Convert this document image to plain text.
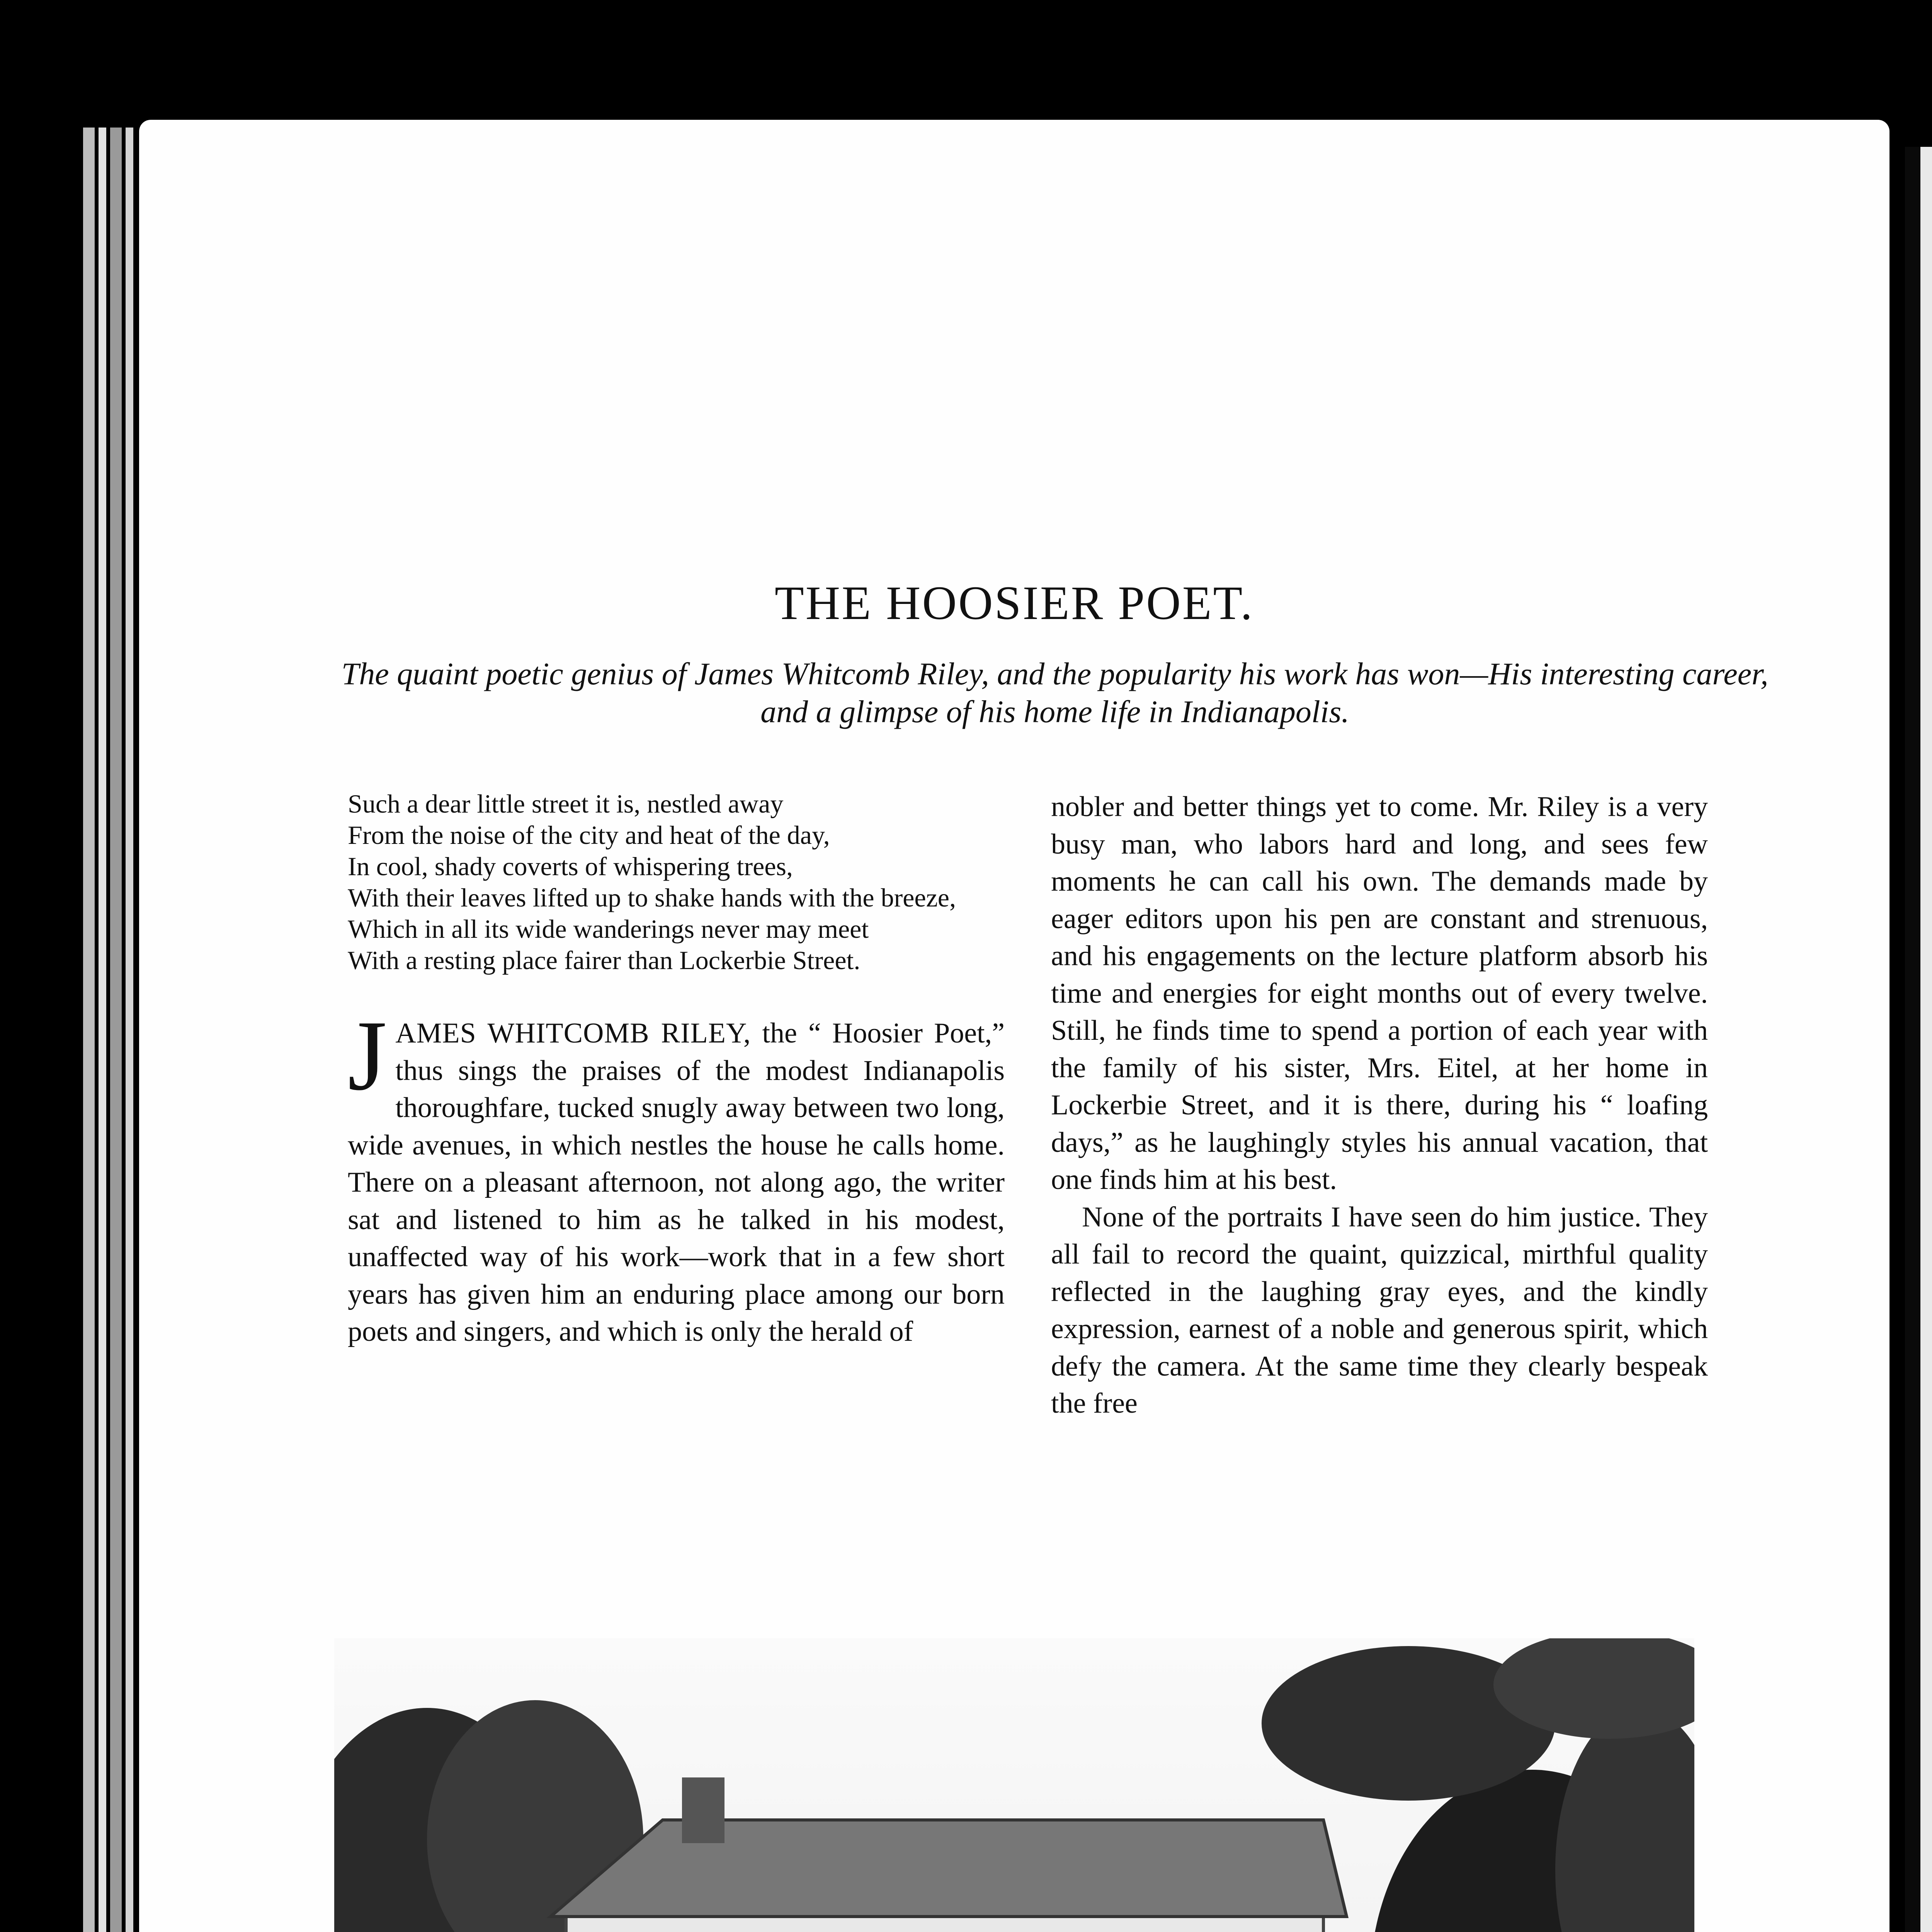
THE HOOSIER POET.

The quaint poetic genius of James Whitcomb Riley, and the popularity his work has won—His interesting career, and a glimpse of his home life in Indianapolis.

Such a dear little street it is, nestled away
From the noise of the city and heat of the day,
In cool, shady coverts of whispering trees,
With their leaves lifted up to shake hands with the breeze,
Which in all its wide wanderings never may meet
With a resting place fairer than Lockerbie Street.

JAMES WHITCOMB RILEY, the “ Hoosier Poet,” thus sings the praises of the modest Indianapolis thoroughfare, tucked snugly away between two long, wide avenues, in which nestles the house he calls home. There on a pleasant afternoon, not along ago, the writer sat and listened to him as he talked in his modest, unaffected way of his work—work that in a few short years has given him an enduring place among our born poets and singers, and which is only the herald of

nobler and better things yet to come. Mr. Riley is a very busy man, who labors hard and long, and sees few moments he can call his own. The demands made by eager editors upon his pen are constant and strenuous, and his engagements on the lecture platform absorb his time and energies for eight months out of every twelve. Still, he finds time to spend a portion of each year with the family of his sister, Mrs. Eitel, at her home in Lockerbie Street, and it is there, during his “ loafing days,” as he laughingly styles his annual vacation, that one finds him at his best.

None of the portraits I have seen do him justice. They all fail to record the quaint, quizzical, mirthful quality reflected in the laughing gray eyes, and the kindly expression, earnest of a noble and generous spirit, which defy the camera. At the same time they clearly bespeak the free
